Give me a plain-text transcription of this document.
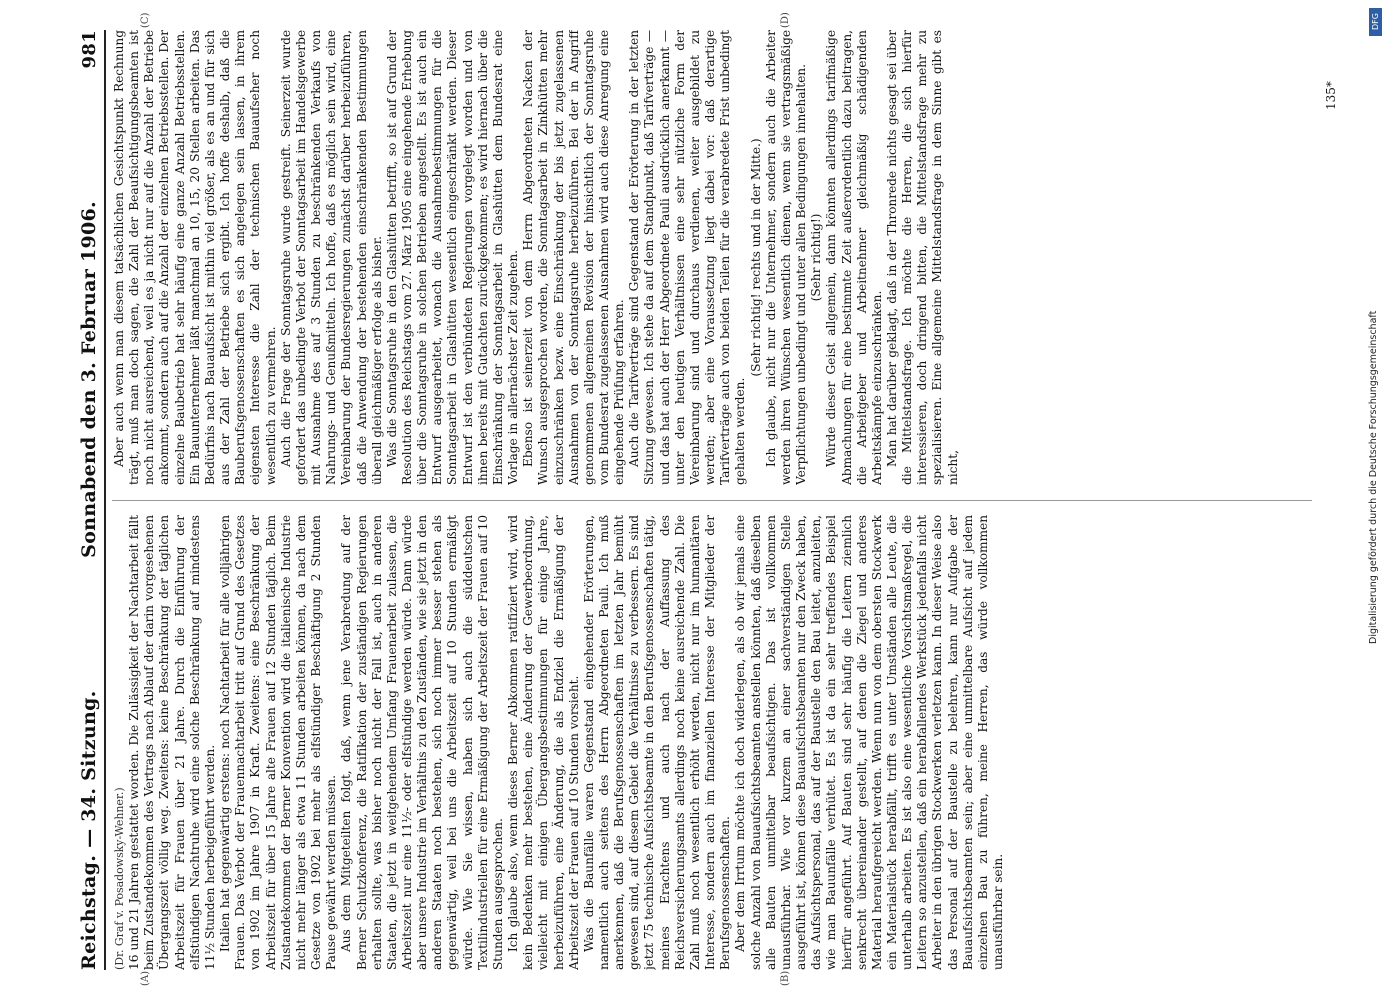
Reichstag. — 34. Sitzung.
Sonnabend den 3. Februar 1906.
981
(A)	(B)
(C)	(D)

(Dr. Graf v. Posadowsky-Wehner.) 16 und 21 Jahren gestattet worden. Die Zulässigkeit der Nachtarbeit fällt beim Zustandekommen des Vertrags nach Ablauf der darin vorgesehenen Übergangszeit völlig weg. Zweitens: keine Beschränkung der täglichen Arbeitszeit für Frauen über 21 Jahre. Durch die Einführung der elfstündigen Nachtruhe wird eine solche Beschränkung auf mindestens 11½ Stunden herbeigeführt werden. Italien hat gegenwärtig erstens: noch Nachtarbeit für alle volljährigen Frauen. Das Verbot der Frauennachtarbeit tritt auf Grund des Gesetzes von 1902 im Jahre 1907 in Kraft. Zweitens: eine Beschränkung der Arbeitszeit für über 15 Jahre alte Frauen auf 12 Stunden täglich. Beim Zustandekommen der Berner Konvention wird die italienische Industrie nicht mehr länger als etwa 11 Stunden arbeiten können, da nach dem Gesetze von 1902 bei mehr als elfstündiger Beschäftigung 2 Stunden Pause gewährt werden müssen. Aus dem Mitgeteilten folgt, daß, wenn jene Verabredung auf der Berner Schutzkonferenz, die Ratifikation der zuständigen Regierungen erhalten sollte, was bisher noch nicht der Fall ist, auch in anderen Staaten, die jetzt in weitgehendem Umfang Frauenarbeit zulassen, die Arbeitszeit nur eine 11½- oder elfstündige werden würde. Dann würde aber unsere Industrie im Verhältnis zu den Zuständen, wie sie jetzt in den anderen Staaten noch bestehen, sich noch immer besser stehen als gegenwärtig, weil bei uns die Arbeitszeit auf 10 Stunden ermäßigt würde. Wie Sie wissen, haben sich auch die süddeutschen Textilindustriellen für eine Ermäßigung der Arbeitszeit der Frauen auf 10 Stunden ausgesprochen. Ich glaube also, wenn dieses Berner Abkommen ratifiziert wird, wird kein Bedenken mehr bestehen, eine Änderung der Gewerbeordnung, vielleicht mit einigen Übergangsbestimmungen für einige Jahre, herbeizuführen, eine Änderung, die als Endziel die Ermäßigung der Arbeitszeit der Frauen auf 10 Stunden vorsieht. Was die Baunfälle waren Gegenstand eingehender Erörterungen, namentlich auch seitens des Herrn Abgeordneten Pauli. Ich muß anerkennen, daß die Berufsgenossenschaften im letzten Jahr bemüht gewesen sind, auf diesem Gebiet die Verhältnisse zu verbessern. Es sind jetzt 75 technische Aufsichtsbeamte in den Berufsgenossenschaften tätig, meines Erachtens und auch nach der Auffassung des Reichsversicherungsamts allerdings noch keine ausreichende Zahl. Die Zahl muß noch wesentlich erhöht werden, nicht nur im humanitären Interesse, sondern auch im finanziellen Interesse der Mitglieder der Berufsgenossenschaften. Aber dem Irrtum möchte ich doch widerlegen, als ob wir jemals eine solche Anzahl von Bauaufsichtsbeamten anstellen könnten, daß dieselben alle Bauten unmittelbar beaufsichtigen. Das ist vollkommen unausführbar. Wie vor kurzem an einer sachverständigen Stelle ausgeführt ist, können diese Bauaufsichtsbeamten nur den Zweck haben, das Aufsichtspersonal, das auf der Baustelle den Bau leitet, anzuleiten, wie man Bauunfälle verhütet. Es ist da ein sehr treffendes Beispiel hierfür angeführt. Auf Bauten sind sehr häufig die Leitern ziemlich senkrecht übereinander gestellt, auf denen die Ziegel und anderes Material heraufgereicht werden. Wenn nun von dem obersten Stockwerk ein Materialstück herabfällt, trifft es unter Umständen alle Leute, die unterhalb arbeiten. Es ist also eine wesentliche Vorsichtsmaßregel, die Leitern so anzustellen, daß ein herabfallendes Werkstück jedenfalls nicht Arbeiter in den übrigen Stockwerken verletzen kann. In dieser Weise also das Personal auf der Baustelle zu belehren, kann nur Aufgabe der Bauaufsichtsbeamten sein; aber eine unmittelbare Aufsicht auf jedem einzelnen Bau zu führen, meine Herren, das würde vollkommen unausführbar sein.

Aber auch wenn man diesem tatsächlichen Gesichtspunkt Rechnung trägt, muß man doch sagen, die Zahl der Beaufsichtigungsbeamten ist noch nicht ausreichend, weil es ja nicht nur auf die Anzahl der Betriebe ankommt, sondern auch auf die Anzahl der einzelnen Betriebsstellen. Der einzelne Baubetrieb hat sehr häufig eine ganze Anzahl Betriebsstellen. Ein Bauunternehmer läßt manchmal an 10, 15, 20 Stellen arbeiten. Das Bedürfnis nach Bauaufsicht ist mithin viel größer, als es an und für sich aus der Zahl der Betriebe sich ergibt. Ich hoffe deshalb, daß die Bauberufsgenossenschaften es sich angelegen sein lassen, in ihrem eigensten Interesse die Zahl der technischen Bauaufseher noch wesentlich zu vermehren. Auch die Frage der Sonntagsruhe wurde gestreift. Seinerzeit wurde gefordert das unbedingte Verbot der Sonntagsarbeit im Handelsgewerbe mit Ausnahme des auf 3 Stunden zu beschränkenden Verkaufs von Nahrungs- und Genußmitteln. Ich hoffe, daß es möglich sein wird, eine Vereinbarung der Bundesregierungen zunächst darüber herbeizuführen, daß die Anwendung der bestehenden einschränkenden Bestimmungen überall gleichmäßiger erfolge als bisher. Was die Sonntagsruhe in den Glashütten betrifft, so ist auf Grund der Resolution des Reichstags vom 27. März 1905 eine eingehende Erhebung über die Sonntagsruhe in solchen Betrieben angestellt. Es ist auch ein Entwurf ausgearbeitet, wonach die Ausnahmebestimmungen für die Sonntagsarbeit in Glashütten wesentlich eingeschränkt werden. Dieser Entwurf ist den verbündeten Regierungen vorgelegt worden und von ihnen bereits mit Gutachten zurückgekommen; es wird hiernach über die Einschränkung der Sonntagsarbeit in Glashütten dem Bundesrat eine Vorlage in allernächster Zeit zugehen. Ebenso ist seinerzeit von dem Herrn Abgeordneten Nacken der Wunsch ausgesprochen worden, die Sonntagsarbeit in Zinkhütten mehr einzuschränken bezw. eine Einschränkung der bis jetzt zugelassenen Ausnahmen von der Sonntagsruhe herbeizuführen. Bei der in Angriff genommenen allgemeinen Revision der hinsichtlich der Sonntagsruhe vom Bundesrat zugelassenen Ausnahmen wird auch diese Anregung eine eingehende Prüfung erfahren. Auch die Tarifverträge sind Gegenstand der Erörterung in der letzten Sitzung gewesen. Ich stehe da auf dem Standpunkt, daß Tarifverträge — und das hat auch der Herr Abgeordnete Pauli ausdrücklich anerkannt — unter den heutigen Verhältnissen eine sehr nützliche Form der Vereinbarung sind und durchaus verdienen, weiter ausgebildet zu werden; aber eine Voraussetzung liegt dabei vor: daß derartige Tarifverträge auch von beiden Teilen für die verabredete Frist unbedingt gehalten werden.

(Sehr richtig! rechts und in der Mitte.) Ich glaube, nicht nur die Unternehmer, sondern auch die Arbeiter werden ihren Wünschen wesentlich dienen, wenn sie vertragsmäßige Verpflichtungen unbedingt und unter allen Bedingungen innehalten. (Sehr richtig!) Würde dieser Geist allgemein, dann könnten allerdings tarifmäßige Abmachungen für eine bestimmte Zeit außerordentlich dazu beitragen, die Arbeitgeber und Arbeitnehmer gleichmäßig schädigenden Arbeitskämpfe einzuschränken. Man hat darüber geklagt, daß in der Thronrede nichts gesagt sei über die Mittelstandsfrage. Ich möchte die Herren, die sich hierfür interessieren, doch dringend bitten, die Mittelstandsfrage mehr zu spezialisieren. Eine allgemeine Mittelstandsfrage in dem Sinne gibt es nicht,

135*
DFG
Digitalisierung gefördert durch die Deutsche Forschungsgemeinschaft
